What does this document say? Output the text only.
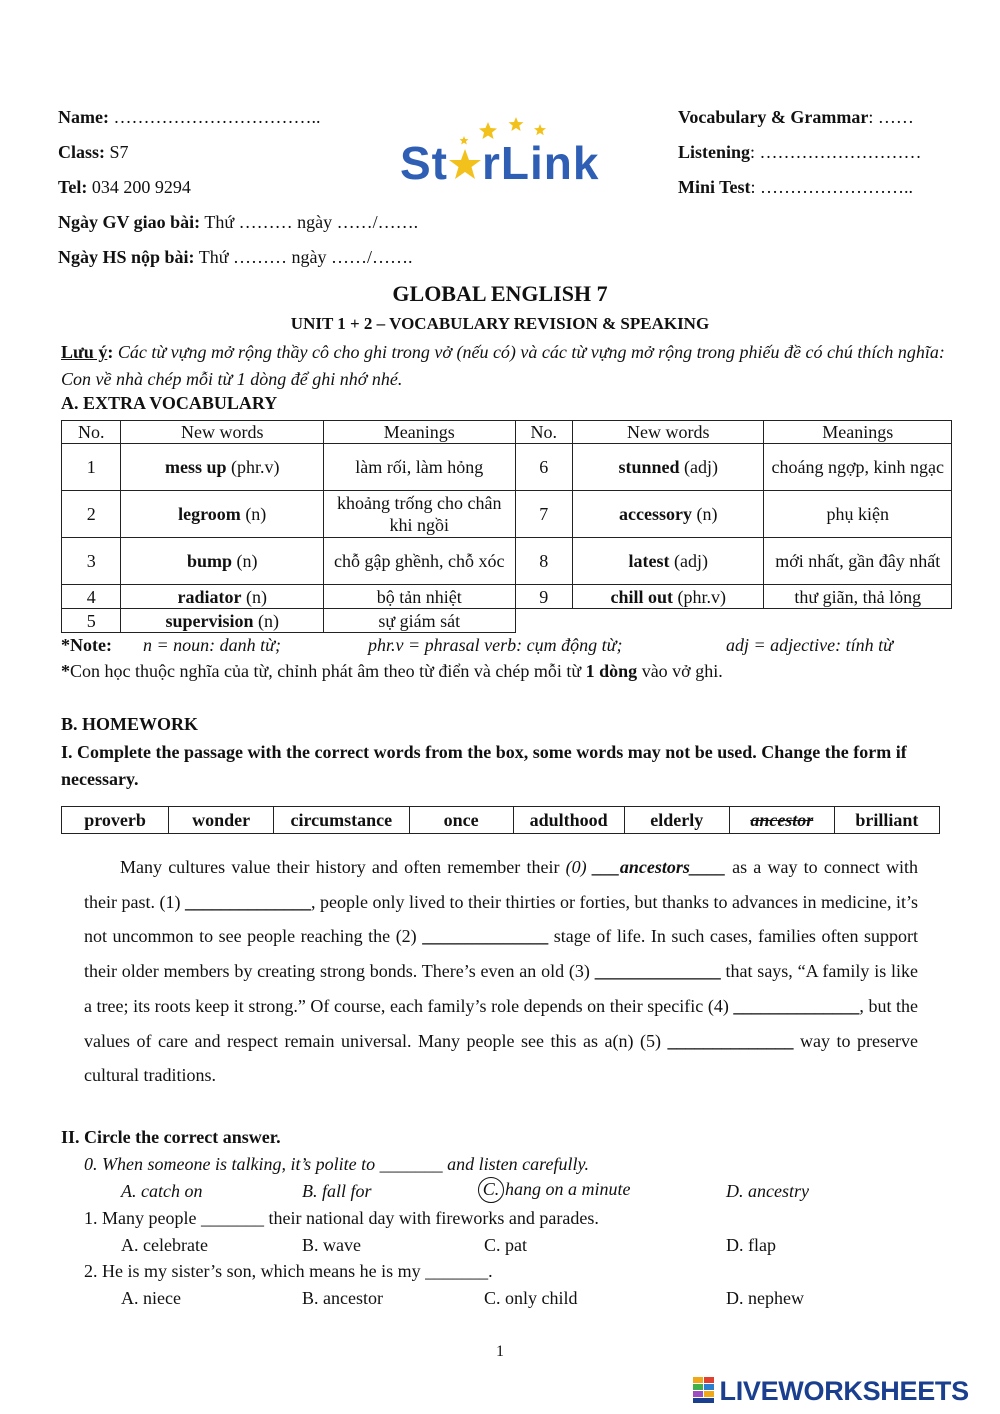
Name: ……………………………..
Class: S7
Tel: 034 200 9294
Ngày GV giao bài: Thứ ……… ngày ……/…….
Ngày HS nộp bài: Thứ ……… ngày ……/…….
St rLink
Vocabulary & Grammar: ……
Listening: ………………………
Mini Test: ……………………..
GLOBAL ENGLISH 7
UNIT 1 + 2 – VOCABULARY REVISION & SPEAKING
Lưu ý: Các từ vựng mở rộng thầy cô cho ghi trong vở (nếu có) và các từ vựng mở rộng trong phiếu đề có chú thích nghĩa: Con về nhà chép mỗi từ 1 dòng để ghi nhớ nhé.
A. EXTRA VOCABULARY
No.	New words	Meanings	No.	New words	Meanings
1	mess up (phr.v)	làm rối, làm hỏng	6	stunned (adj)	choáng ngợp, kinh ngạc
2	legroom (n)	khoảng trống cho chân khi ngồi	7	accessory (n)	phụ kiện
3	bump (n)	chỗ gập ghềnh, chỗ xóc	8	latest (adj)	mới nhất, gần đây nhất
4	radiator (n)	bộ tản nhiệt	9	chill out (phr.v)	thư giãn, thả lỏng
5	supervision (n)	sự giám sát			
*Note: n = noun: danh từ;	phr.v = phrasal verb: cụm động từ;	adj = adjective: tính từ
*Con học thuộc nghĩa của từ, chỉnh phát âm theo từ điển và chép mỗi từ 1 dòng vào vở ghi.
B. HOMEWORK
I. Complete the passage with the correct words from the box, some words may not be used. Change the form if necessary.
proverb	wonder	circumstance	once	adulthood	elderly	ancestor	brilliant

Many cultures value their history and often remember their (0) ___ancestors____ as a way to connect with their past. (1) ______________, people only lived to their thirties or forties, but thanks to advances in medicine, it’s not uncommon to see people reaching the (2) ______________ stage of life. In such cases, families often support their older members by creating strong bonds. There’s even an old (3) ______________ that says, “A family is like a tree; its roots keep it strong.” Of course, each family’s role depends on their specific (4) ______________, but the values of care and respect remain universal. Many people see this as a(n) (5) ______________ way to preserve cultural traditions.

II. Circle the correct answer.
0. When someone is talking, it’s polite to _______ and listen carefully.
A. catch on	B. fall for	C. hang on a minute	D. ancestry
1. Many people _______ their national day with fireworks and parades.
A. celebrate	B. wave	C. pat	D. flap
2. He is my sister’s son, which means he is my _______.
A. niece	B. ancestor	C. only child	D. nephew
1
LIVEWORKSHEETS
